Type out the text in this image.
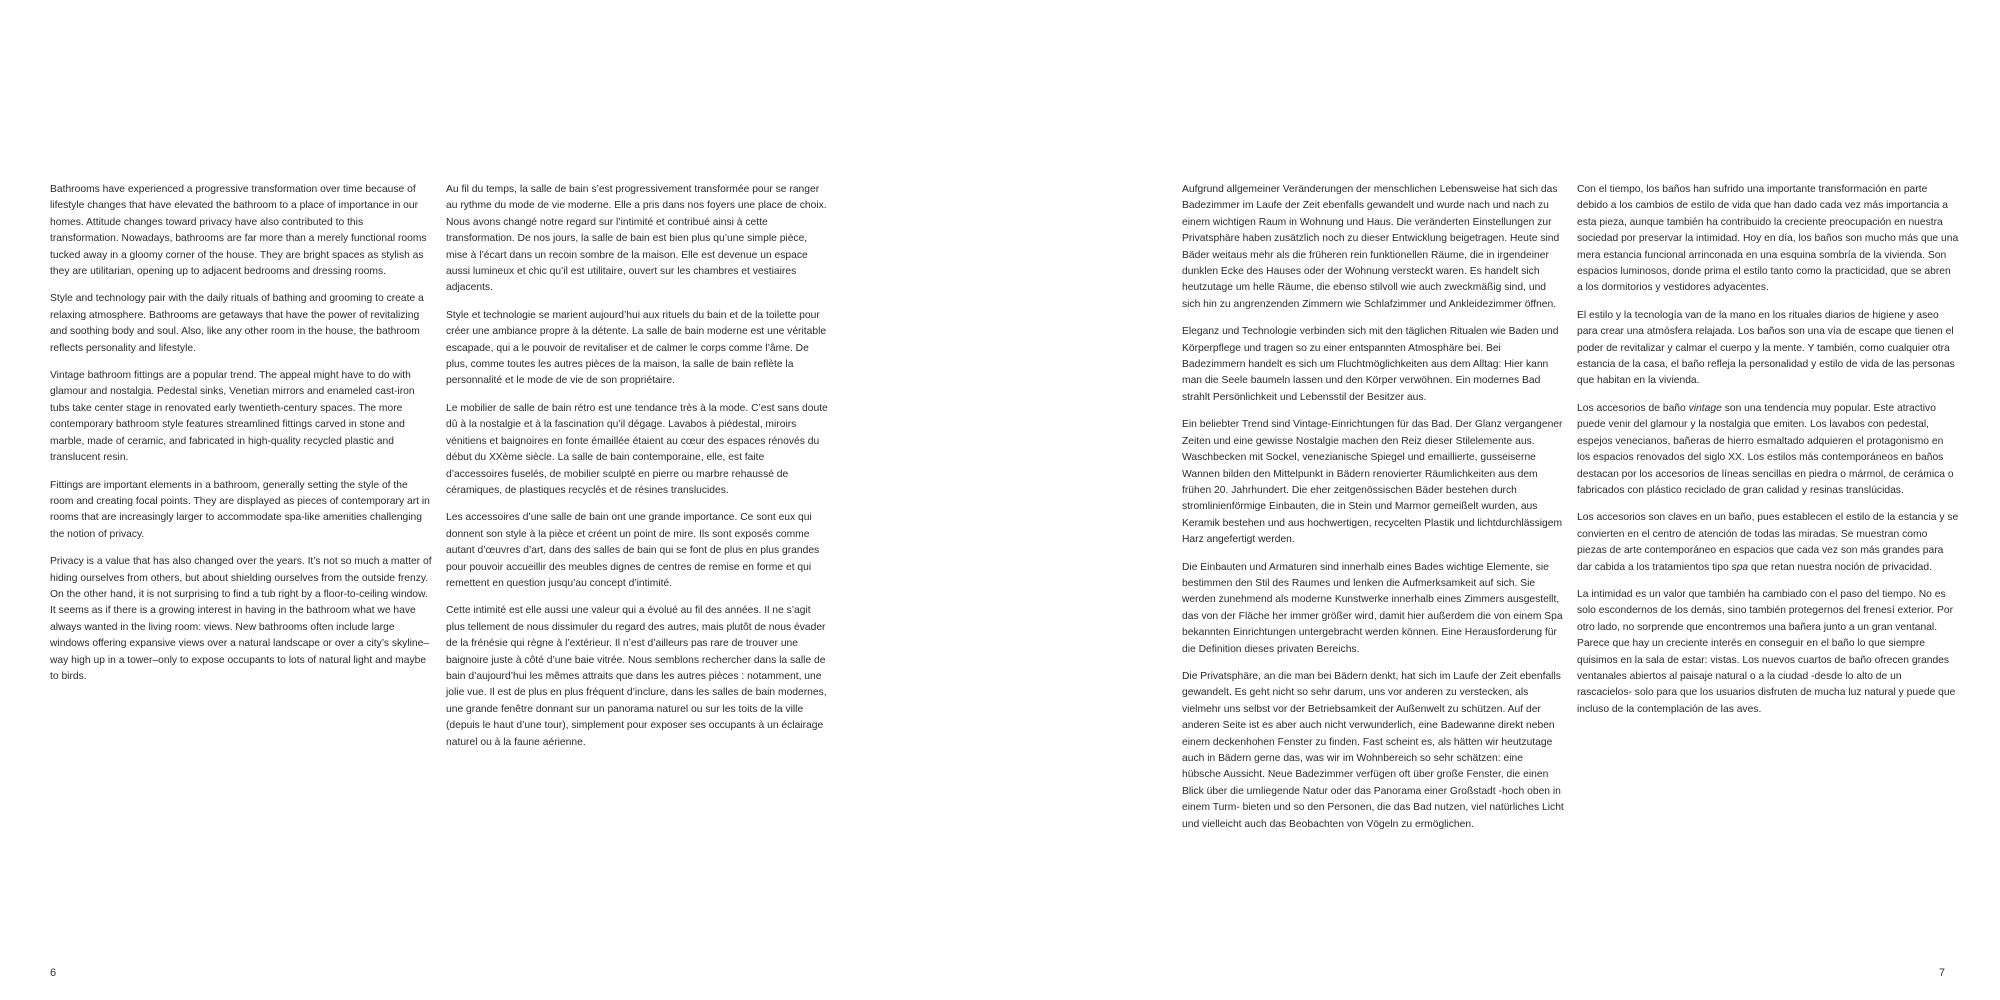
Bathrooms have experienced a progressive transformation over time because of lifestyle changes that have elevated the bathroom to a place of importance in our homes. Attitude changes toward privacy have also contributed to this transformation. Nowadays, bathrooms are far more than a merely functional rooms tucked away in a gloomy corner of the house. They are bright spaces as stylish as they are utilitarian, opening up to adjacent bedrooms and dressing rooms.

Style and technology pair with the daily rituals of bathing and grooming to create a relaxing atmosphere. Bathrooms are getaways that have the power of revitalizing and soothing body and soul. Also, like any other room in the house, the bathroom reflects personality and lifestyle.

Vintage bathroom fittings are a popular trend. The appeal might have to do with glamour and nostalgia. Pedestal sinks, Venetian mirrors and enameled cast-iron tubs take center stage in renovated early twentieth-century spaces. The more contemporary bathroom style features streamlined fittings carved in stone and marble, made of ceramic, and fabricated in high-quality recycled plastic and translucent resin.

Fittings are important elements in a bathroom, generally setting the style of the room and creating focal points. They are displayed as pieces of contemporary art in rooms that are increasingly larger to accommodate spa-like amenities challenging the notion of privacy.

Privacy is a value that has also changed over the years. It’s not so much a matter of hiding ourselves from others, but about shielding ourselves from the outside frenzy. On the other hand, it is not surprising to find a tub right by a floor-to-ceiling window. It seems as if there is a growing interest in having in the bathroom what we have always wanted in the living room: views. New bathrooms often include large windows offering expansive views over a natural landscape or over a city’s skyline–way high up in a tower–only to expose occupants to lots of natural light and maybe to birds.

Au fil du temps, la salle de bain s’est progressivement transformée pour se ranger au rythme du mode de vie moderne. Elle a pris dans nos foyers une place de choix. Nous avons changé notre regard sur l’intimité et contribué ainsi à cette transformation. De nos jours, la salle de bain est bien plus qu’une simple pièce, mise à l’écart dans un recoin sombre de la maison. Elle est devenue un espace aussi lumineux et chic qu’il est utilitaire, ouvert sur les chambres et vestiaires adjacents.

Style et technologie se marient aujourd’hui aux rituels du bain et de la toilette pour créer une ambiance propre à la détente. La salle de bain moderne est une véritable escapade, qui a le pouvoir de revitaliser et de calmer le corps comme l’âme. De plus, comme toutes les autres pièces de la maison, la salle de bain reflète la personnalité et le mode de vie de son propriétaire.

Le mobilier de salle de bain rétro est une tendance très à la mode. C’est sans doute dû à la nostalgie et à la fascination qu’il dégage. Lavabos à piédestal, miroirs vénitiens et baignoires en fonte émaillée étaient au cœur des espaces rénovés du début du XXème siècle. La salle de bain contemporaine, elle, est faite d’accessoires fuselés, de mobilier sculpté en pierre ou marbre rehaussé de céramiques, de plastiques recyclés et de résines translucides.

Les accessoires d’une salle de bain ont une grande importance. Ce sont eux qui donnent son style à la pièce et créent un point de mire. Ils sont exposés comme autant d’œuvres d’art, dans des salles de bain qui se font de plus en plus grandes pour pouvoir accueillir des meubles dignes de centres de remise en forme et qui remettent en question jusqu’au concept d’intimité.

Cette intimité est elle aussi une valeur qui a évolué au fil des années. Il ne s’agit plus tellement de nous dissimuler du regard des autres, mais plutôt de nous évader de la frénésie qui règne à l’extérieur. Il n’est d’ailleurs pas rare de trouver une baignoire juste à côté d’une baie vitrée. Nous semblons rechercher dans la salle de bain d’aujourd’hui les mêmes attraits que dans les autres pièces : notamment, une jolie vue. Il est de plus en plus fréquent d’inclure, dans les salles de bain modernes, une grande fenêtre donnant sur un panorama naturel ou sur les toits de la ville (depuis le haut d’une tour), simplement pour exposer ses occupants à un éclairage naturel ou à la faune aérienne.

Aufgrund allgemeiner Veränderungen der menschlichen Lebensweise hat sich das Badezimmer im Laufe der Zeit ebenfalls gewandelt und wurde nach und nach zu einem wichtigen Raum in Wohnung und Haus. Die veränderten Einstellungen zur Privatsphäre haben zusätzlich noch zu dieser Entwicklung beigetragen. Heute sind Bäder weitaus mehr als die früheren rein funktionellen Räume, die in irgendeiner dunklen Ecke des Hauses oder der Wohnung versteckt waren. Es handelt sich heutzutage um helle Räume, die ebenso stilvoll wie auch zweckmäßig sind, und sich hin zu angrenzenden Zimmern wie Schlafzimmer und Ankleidezimmer öffnen.

Eleganz und Technologie verbinden sich mit den täglichen Ritualen wie Baden und Körperpflege und tragen so zu einer entspannten Atmosphäre bei. Bei Badezimmern handelt es sich um Fluchtmöglichkeiten aus dem Alltag: Hier kann man die Seele baumeln lassen und den Körper verwöhnen. Ein modernes Bad strahlt Persönlichkeit und Lebensstil der Besitzer aus.

Ein beliebter Trend sind Vintage-Einrichtungen für das Bad. Der Glanz vergangener Zeiten und eine gewisse Nostalgie machen den Reiz dieser Stilelemente aus. Waschbecken mit Sockel, venezianische Spiegel und emaillierte, gusseiserne Wannen bilden den Mittelpunkt in Bädern renovierter Räumlichkeiten aus dem frühen 20. Jahrhundert. Die eher zeitgenössischen Bäder bestehen durch stromlinienförmige Einbauten, die in Stein und Marmor gemeißelt wurden, aus Keramik bestehen und aus hochwertigen, recycelten Plastik und lichtdurchlässigem Harz angefertigt werden.

Die Einbauten und Armaturen sind innerhalb eines Bades wichtige Elemente, sie bestimmen den Stil des Raumes und lenken die Aufmerksamkeit auf sich. Sie werden zunehmend als moderne Kunstwerke innerhalb eines Zimmers ausgestellt, das von der Fläche her immer größer wird, damit hier außerdem die von einem Spa bekannten Einrichtungen untergebracht werden können. Eine Herausforderung für die Definition dieses privaten Bereichs.

Die Privatsphäre, an die man bei Bädern denkt, hat sich im Laufe der Zeit ebenfalls gewandelt. Es geht nicht so sehr darum, uns vor anderen zu verstecken, als vielmehr uns selbst vor der Betriebsamkeit der Außenwelt zu schützen. Auf der anderen Seite ist es aber auch nicht verwunderlich, eine Badewanne direkt neben einem deckenhohen Fenster zu finden. Fast scheint es, als hätten wir heutzutage auch in Bädern gerne das, was wir im Wohnbereich so sehr schätzen: eine hübsche Aussicht. Neue Badezimmer verfügen oft über große Fenster, die einen Blick über die umliegende Natur oder das Panorama einer Großstadt -hoch oben in einem Turm- bieten und so den Personen, die das Bad nutzen, viel natürliches Licht und vielleicht auch das Beobachten von Vögeln zu ermöglichen.

Con el tiempo, los baños han sufrido una importante transformación en parte debido a los cambios de estilo de vida que han dado cada vez más importancia a esta pieza, aunque también ha contribuido la creciente preocupación en nuestra sociedad por preservar la intimidad. Hoy en día, los baños son mucho más que una mera estancia funcional arrinconada en una esquina sombría de la vivienda. Son espacios luminosos, donde prima el estilo tanto como la practicidad, que se abren a los dormitorios y vestidores adyacentes.

El estilo y la tecnología van de la mano en los rituales diarios de higiene y aseo para crear una atmósfera relajada. Los baños son una vía de escape que tienen el poder de revitalizar y calmar el cuerpo y la mente. Y también, como cualquier otra estancia de la casa, el baño refleja la personalidad y estilo de vida de las personas que habitan en la vivienda.

Los accesorios de baño vintage son una tendencia muy popular. Este atractivo puede venir del glamour y la nostalgia que emiten. Los lavabos con pedestal, espejos venecianos, bañeras de hierro esmaltado adquieren el protagonismo en los espacios renovados del siglo XX. Los estilos más contemporáneos en baños destacan por los accesorios de líneas sencillas en piedra o mármol, de cerámica o fabricados con plástico reciclado de gran calidad y resinas translúcidas.

Los accesorios son claves en un baño, pues establecen el estilo de la estancia y se convierten en el centro de atención de todas las miradas. Se muestran como piezas de arte contemporáneo en espacios que cada vez son más grandes para dar cabida a los tratamientos tipo spa que retan nuestra noción de privacidad.

La intimidad es un valor que también ha cambiado con el paso del tiempo. No es solo escondernos de los demás, sino también protegernos del frenesí exterior. Por otro lado, no sorprende que encontremos una bañera junto a un gran ventanal. Parece que hay un creciente interés en conseguir en el baño lo que siempre quisimos en la sala de estar: vistas. Los nuevos cuartos de baño ofrecen grandes ventanales abiertos al paisaje natural o a la ciudad -desde lo alto de un rascacielos- solo para que los usuarios disfruten de mucha luz natural y puede que incluso de la contemplación de las aves.

6	7
